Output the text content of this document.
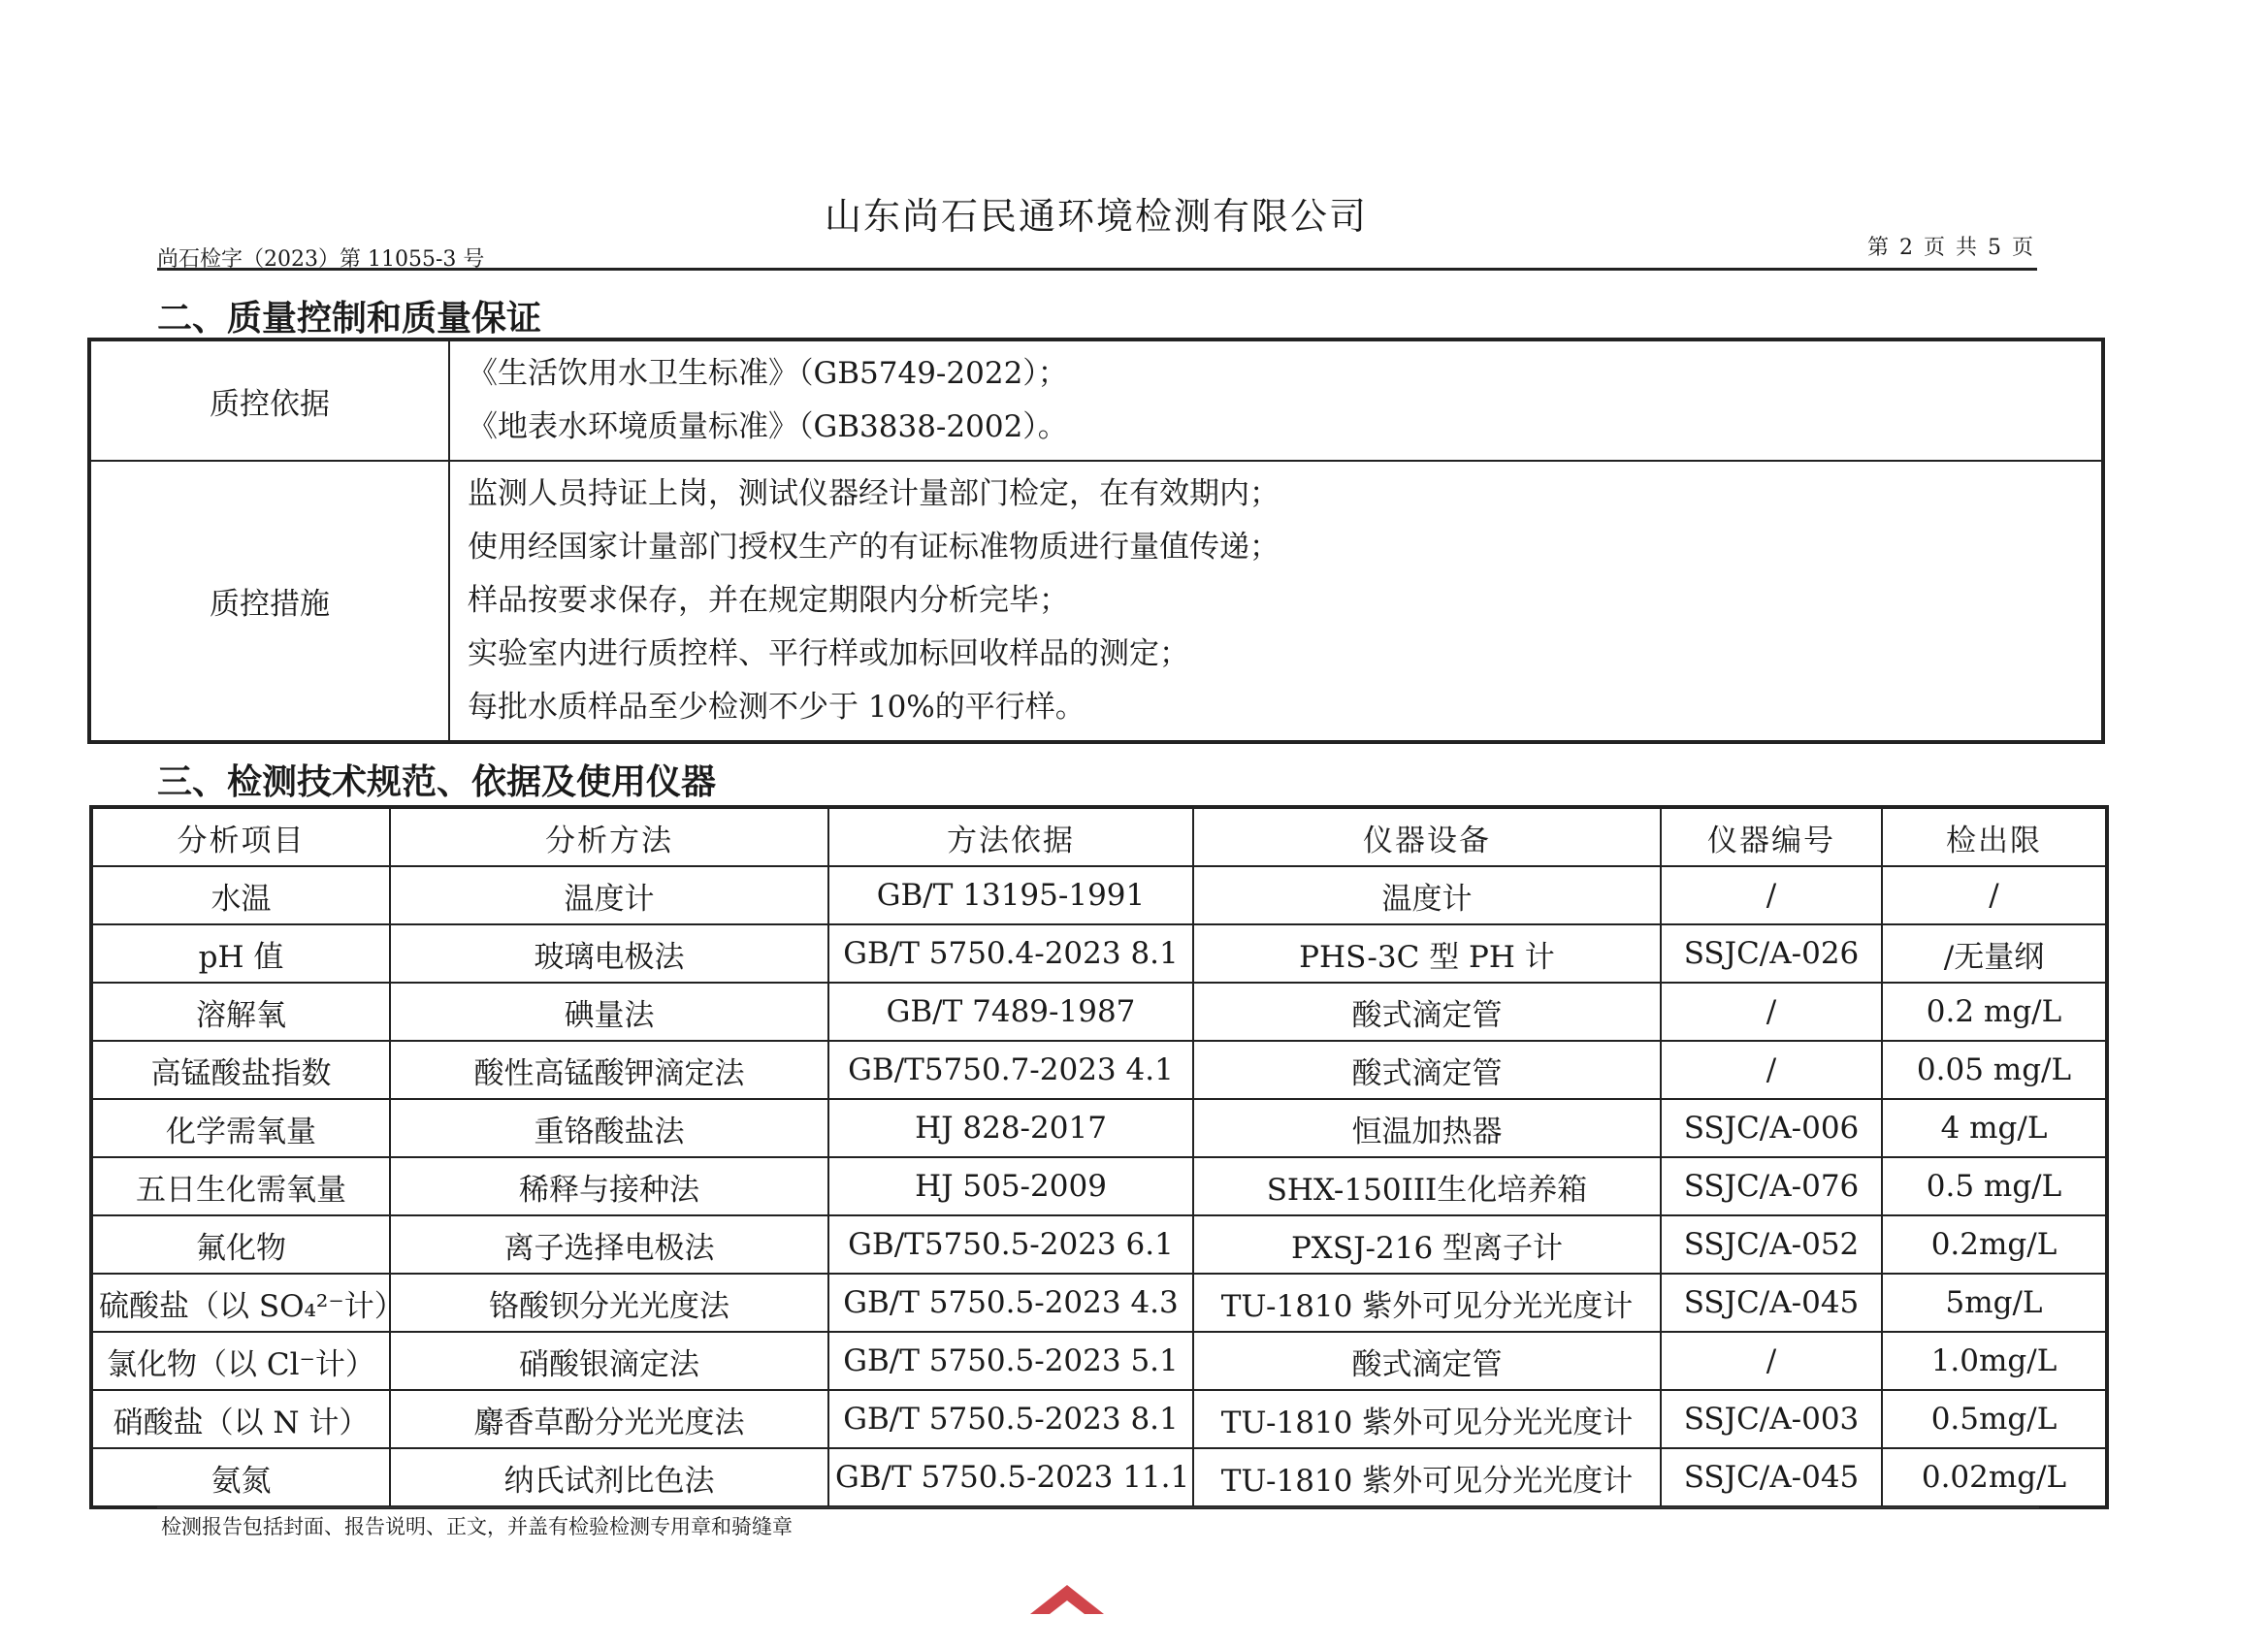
山东尚石民通环境检测有限公司
尚石检字（2023）第 11055-3 号	第 2 页 共 5 页
二、质量控制和质量保证
质控依据	《生活饮用水卫生标准》（GB5749-2022）；
《地表水环境质量标准》（GB3838-2002）。

质控措施	监测人员持证上岗，测试仪器经计量部门检定，在有效期内；
使用经国家计量部门授权生产的有证标准物质进行量值传递；
样品按要求保存，并在规定期限内分析完毕；
实验室内进行质控样、平行样或加标回收样品的测定；
每批水质样品至少检测不少于 10%的平行样。
三、检测技术规范、依据及使用仪器
分析项目	分析方法	方法依据	仪器设备	仪器编号	检出限
水温	温度计	GB/T 13195-1991	温度计	/	/
pH 值	玻璃电极法	GB/T 5750.4-2023 8.1	PHS-3C 型 PH 计	SSJC/A-026	/无量纲
溶解氧	碘量法	GB/T 7489-1987	酸式滴定管	/	0.2 mg/L
高锰酸盐指数	酸性高锰酸钾滴定法	GB/T5750.7-2023 4.1	酸式滴定管	/	0.05 mg/L
化学需氧量	重铬酸盐法	HJ 828-2017	恒温加热器	SSJC/A-006	4 mg/L
五日生化需氧量	稀释与接种法	HJ 505-2009	SHX-150III生化培养箱	SSJC/A-076	0.5 mg/L
氟化物	离子选择电极法	GB/T5750.5-2023 6.1	PXSJ-216 型离子计	SSJC/A-052	0.2mg/L
硫酸盐（以 SO₄²⁻计）	铬酸钡分光光度法	GB/T 5750.5-2023 4.3	TU-1810 紫外可见分光光度计	SSJC/A-045	5mg/L
氯化物（以 Cl⁻计）	硝酸银滴定法	GB/T 5750.5-2023 5.1	酸式滴定管	/	1.0mg/L
硝酸盐（以 N 计）	麝香草酚分光光度法	GB/T 5750.5-2023 8.1	TU-1810 紫外可见分光光度计	SSJC/A-003	0.5mg/L
氨氮	纳氏试剂比色法	GB/T 5750.5-2023 11.1	TU-1810 紫外可见分光光度计	SSJC/A-045	0.02mg/L
检测报告包括封面、报告说明、正文，并盖有检验检测专用章和骑缝章
